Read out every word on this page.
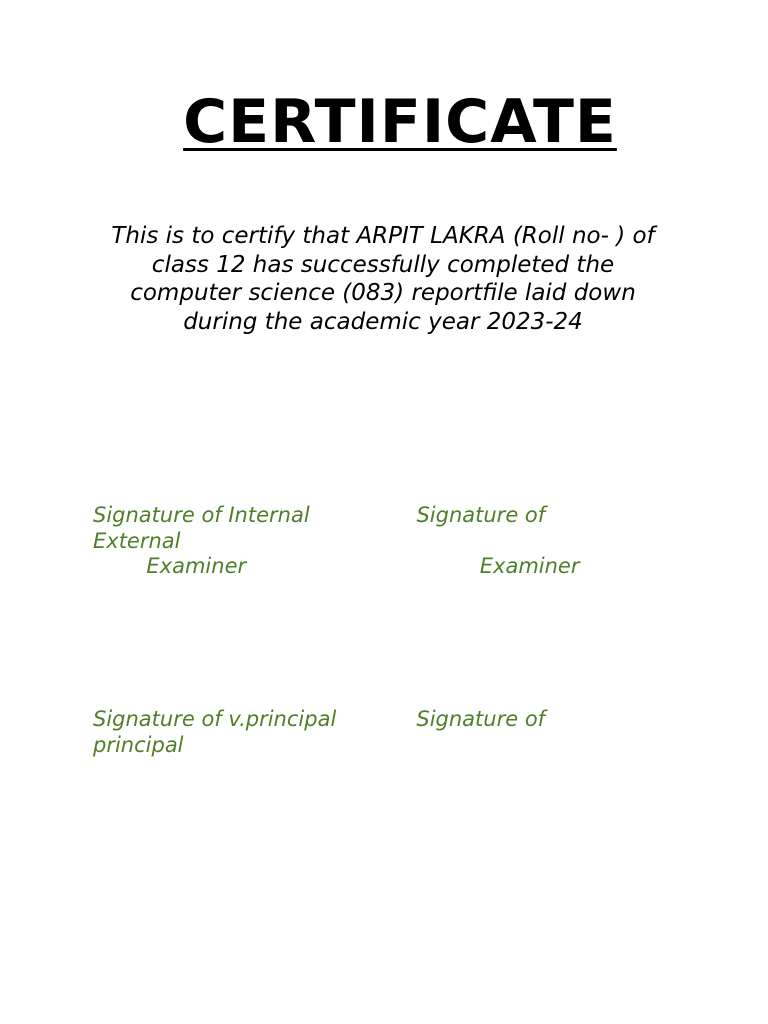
CERTIFICATE

This is to certify that ARPIT LAKRA (Roll no- ) of class 12 has successfully completed the computer science (083) reportfile laid down during the academic year 2023-24

Signature of Internal                Signature of
External
Examiner                                   Examiner
Signature of v.principal            Signature of
principal
